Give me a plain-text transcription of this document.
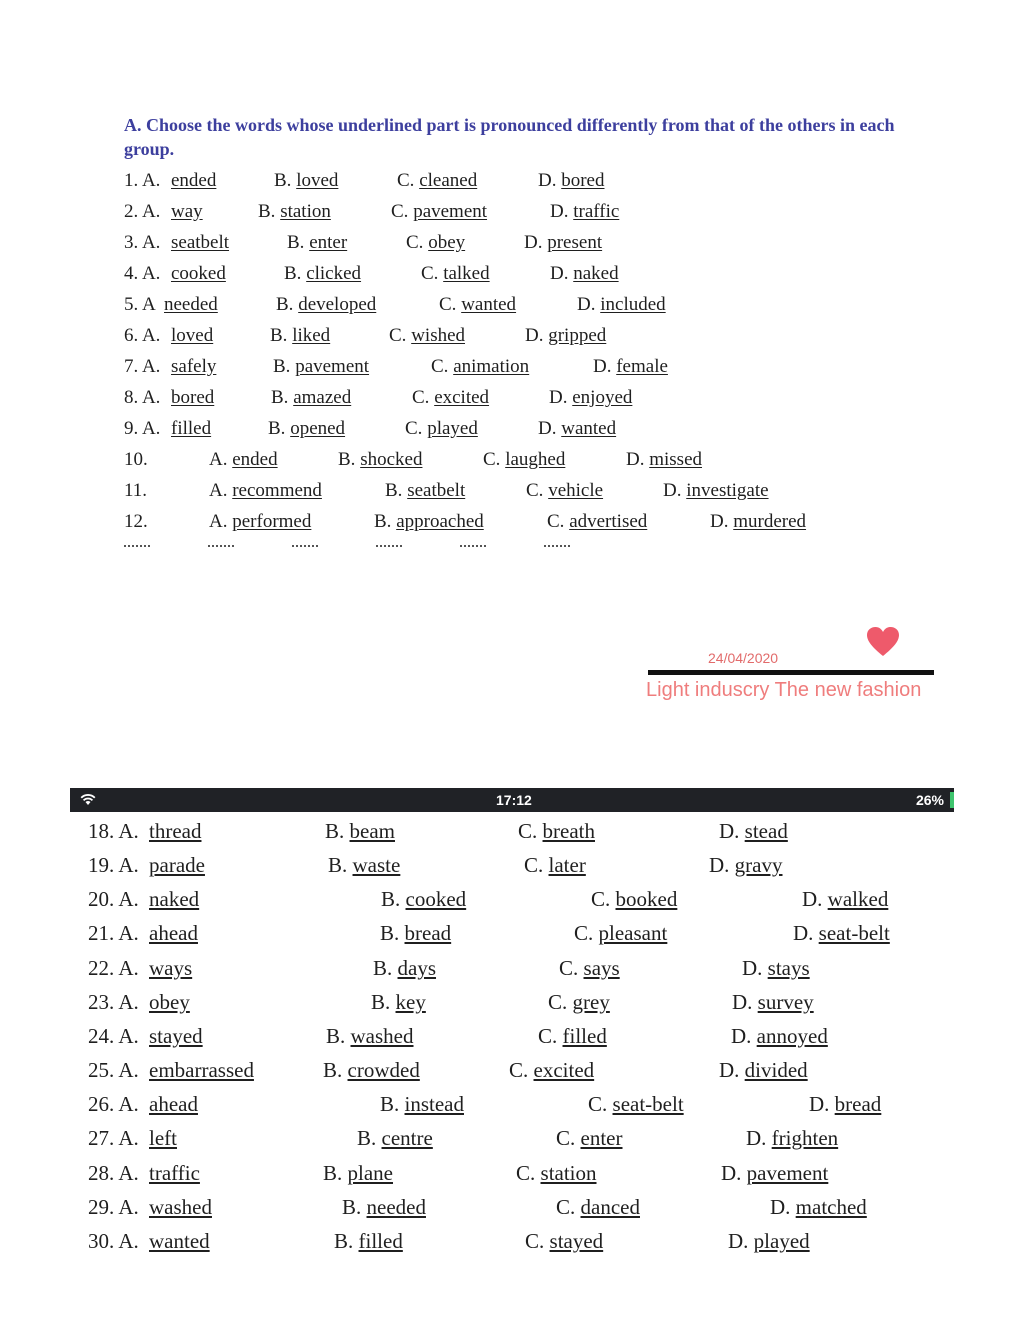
A. Choose the words whose underlined part is pronounced differently from that of the others in each group.
1. A. ended	B. loved	C. cleaned	D. bored
2. A. way	B. station	C. pavement	D. traffic
3. A. seatbelt	B. enter	C. obey	D. present
4. A. cooked	B. clicked	C. talked	D. naked
5. A needed	B. developed	C. wanted	D. included
6. A. loved	B. liked	C. wished	D. gripped
7. A. safely	B. pavement	C. animation	D. female
8. A. bored	B. amazed	C. excited	D. enjoyed
9. A. filled	B. opened	C. played	D. wanted
10.	A. ended	B. shocked	C. laughed	D. missed
11.	A. recommend	B. seatbelt	C. vehicle	D. investigate
12.	A. performed	B. approached	C. advertised	D. murdered
24/04/2020
Light induscry The new fashion
17:12	26%
18. A. thread	B. beam	C. breath	D. stead
19. A. parade	B. waste	C. later	D. gravy
20. A. naked	B. cooked	C. booked	D. walked
21. A. ahead	B. bread	C. pleasant	D. seat-belt
22. A. ways	B. days	C. says	D. stays
23. A. obey	B. key	C. grey	D. survey
24. A. stayed	B. washed	C. filled	D. annoyed
25. A. embarrassed	B. crowded	C. excited	D. divided
26. A. ahead	B. instead	C. seat-belt	D. bread
27. A. left	B. centre	C. enter	D. frighten
28. A. traffic	B. plane	C. station	D. pavement
29. A. washed	B. needed	C. danced	D. matched
30. A. wanted	B. filled	C. stayed	D. played
